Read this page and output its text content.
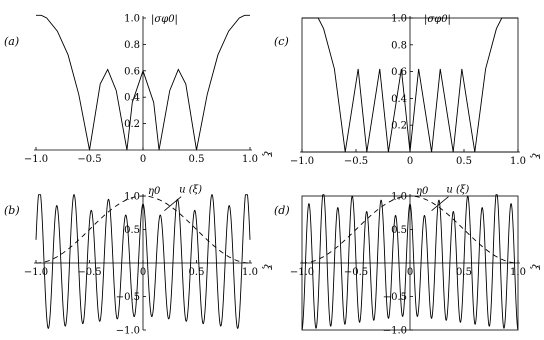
−1.0	−0.5	0	0.5	1.0
0.2
0.4
0.6
0.8
1.0 |σφ0|
ξ
(a)
−1.0	−0.5	0	0.5	1.0
0.2
0.4
0.6
0.8
1.0 |σφ0|
ξ
(c)
−1.0	−0.5	0	0.5	1.0
−1.0
−0.5
0.5
1.0 η0
ξ
(b)
u (ξ)
−1.0	−0.5	0	0.5	1.0
−1.0
−0.5
0.5
1.0 η0
ξ
(d)
u (ξ)
